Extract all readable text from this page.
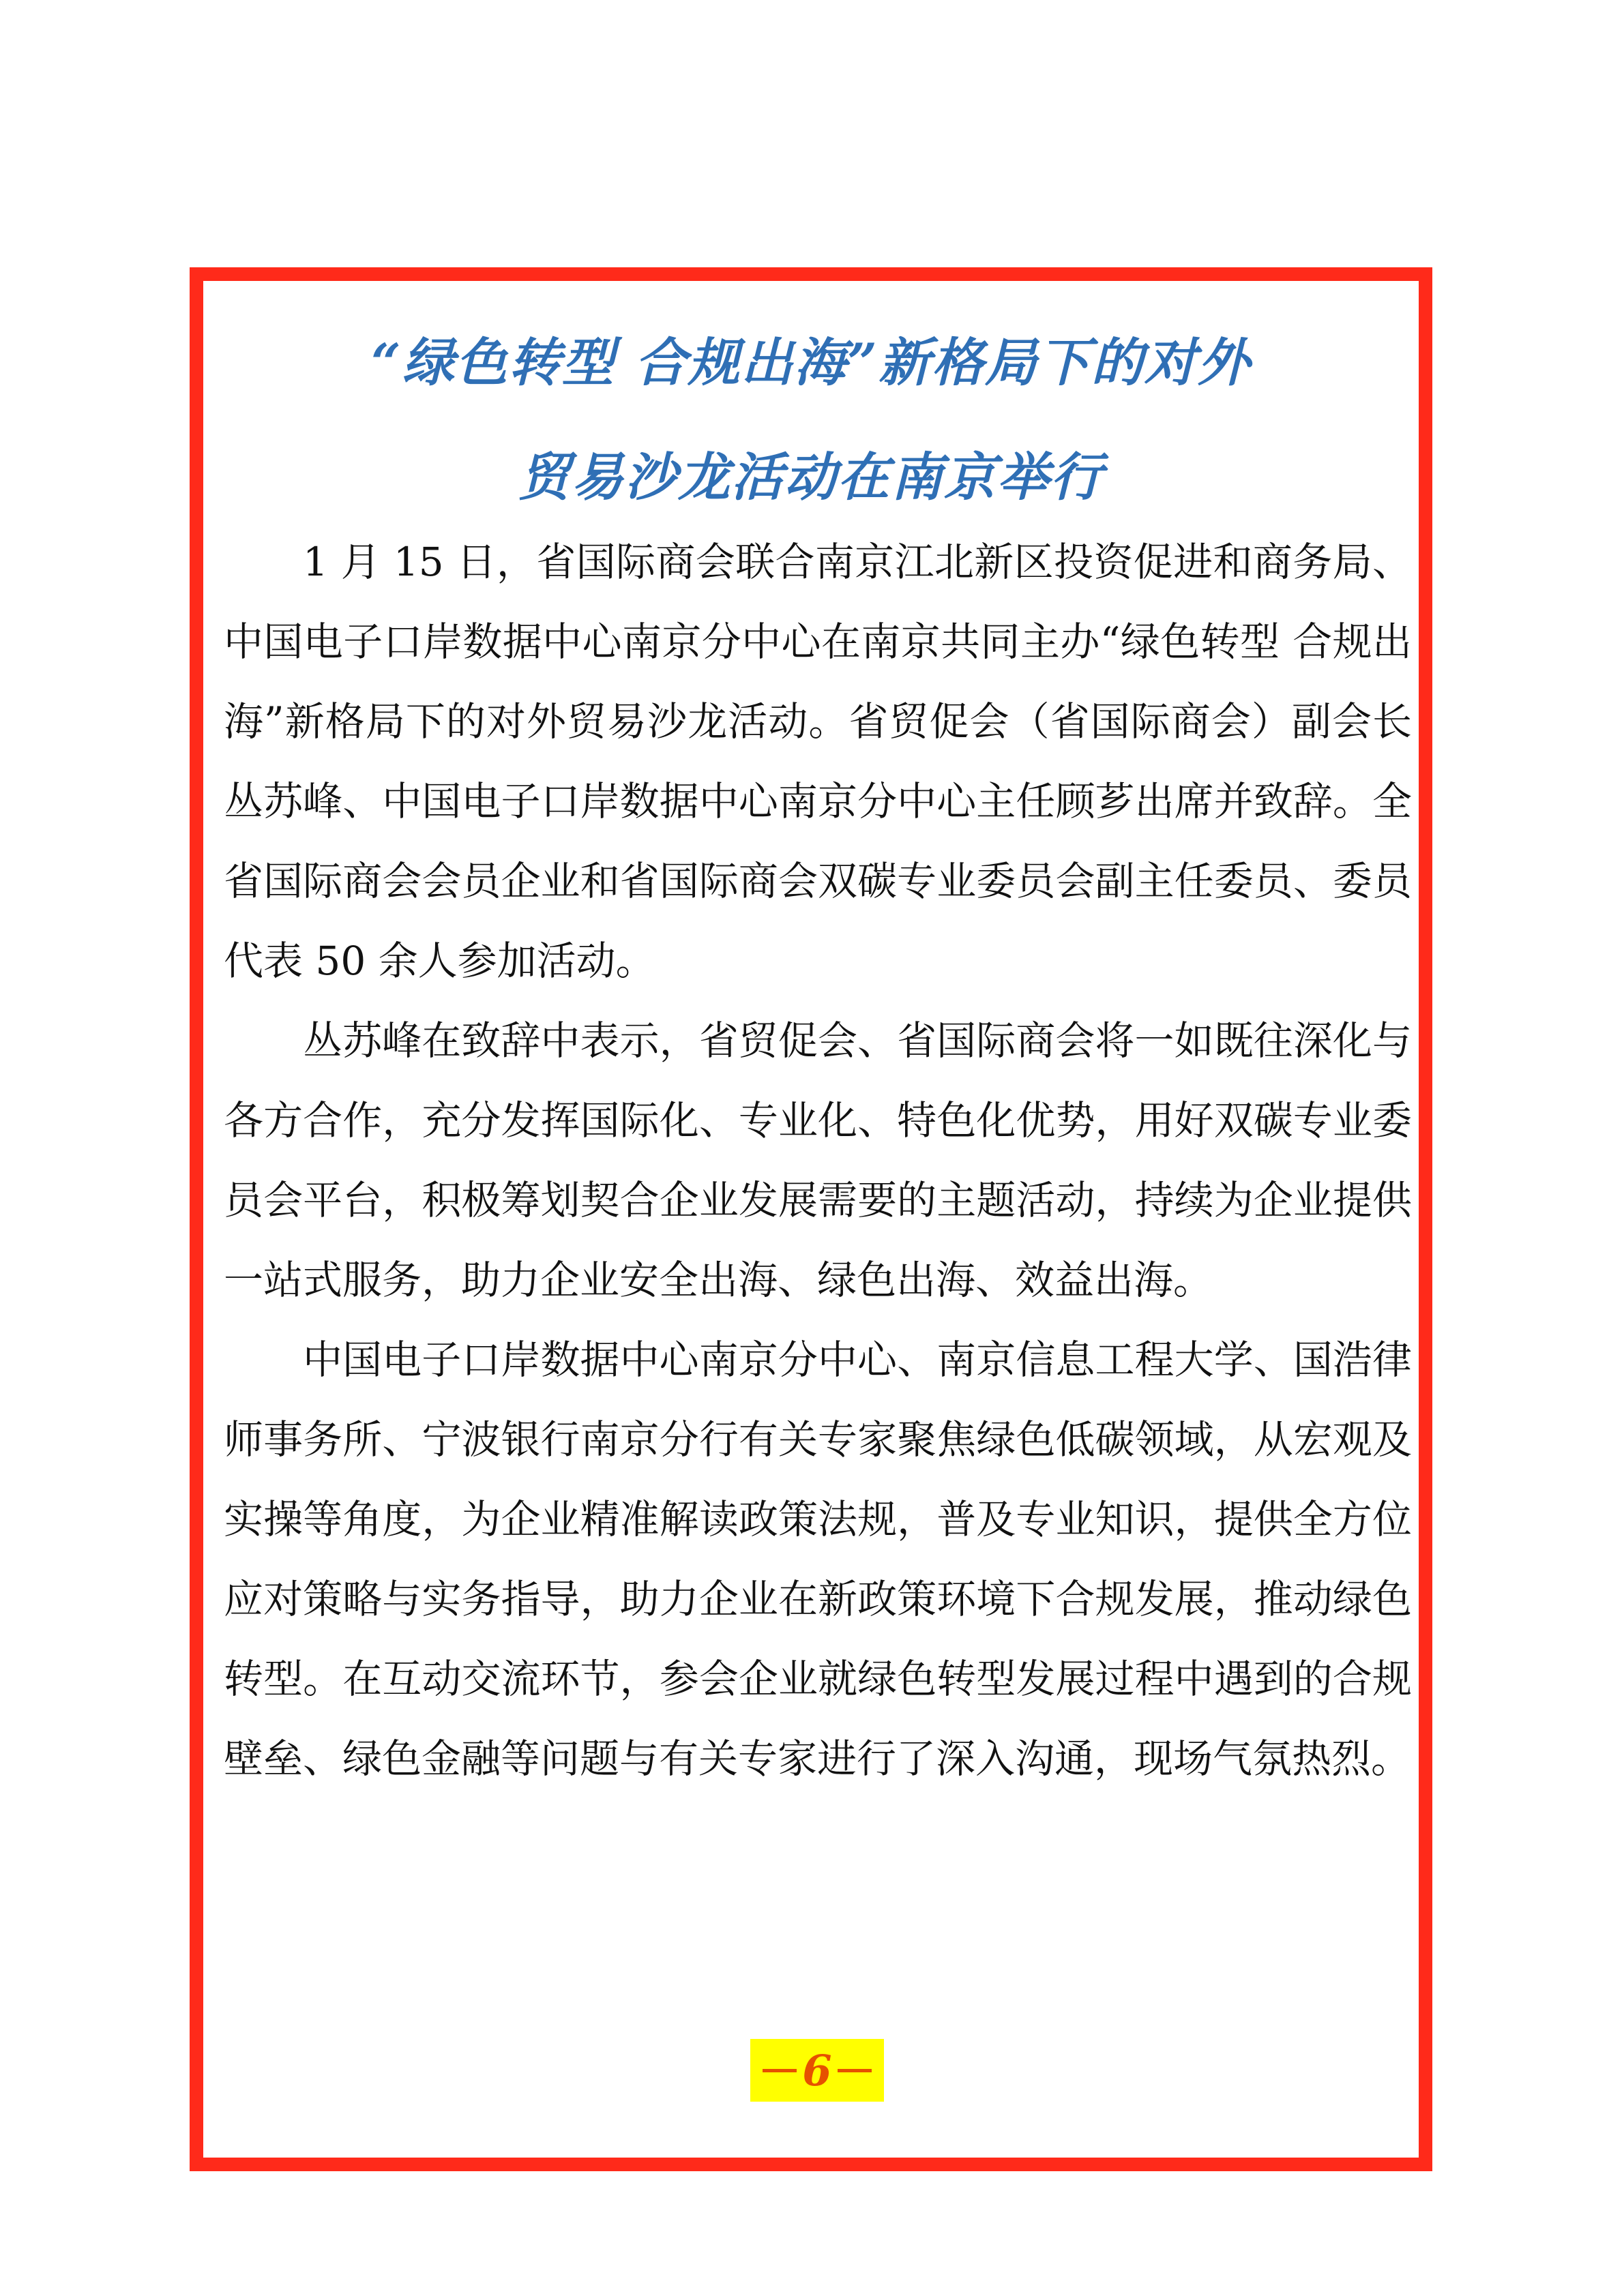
“绿色转型 合规出海”新格局下的对外
贸易沙龙活动在南京举行

1 月 15 日，省国际商会联合南京江北新区投资促进和商务局、中国电子口岸数据中心南京分中心在南京共同主办“绿色转型 合规出海”新格局下的对外贸易沙龙活动。省贸促会（省国际商会）副会长丛苏峰、中国电子口岸数据中心南京分中心主任顾芗出席并致辞。全省国际商会会员企业和省国际商会双碳专业委员会副主任委员、委员代表 50 余人参加活动。

丛苏峰在致辞中表示，省贸促会、省国际商会将一如既往深化与各方合作，充分发挥国际化、专业化、特色化优势，用好双碳专业委员会平台，积极筹划契合企业发展需要的主题活动，持续为企业提供一站式服务，助力企业安全出海、绿色出海、效益出海。

中国电子口岸数据中心南京分中心、南京信息工程大学、国浩律师事务所、宁波银行南京分行有关专家聚焦绿色低碳领域，从宏观及实操等角度，为企业精准解读政策法规，普及专业知识，提供全方位应对策略与实务指导，助力企业在新政策环境下合规发展，推动绿色转型。在互动交流环节，参会企业就绿色转型发展过程中遇到的合规壁垒、绿色金融等问题与有关专家进行了深入沟通，现场气氛热烈。

6
